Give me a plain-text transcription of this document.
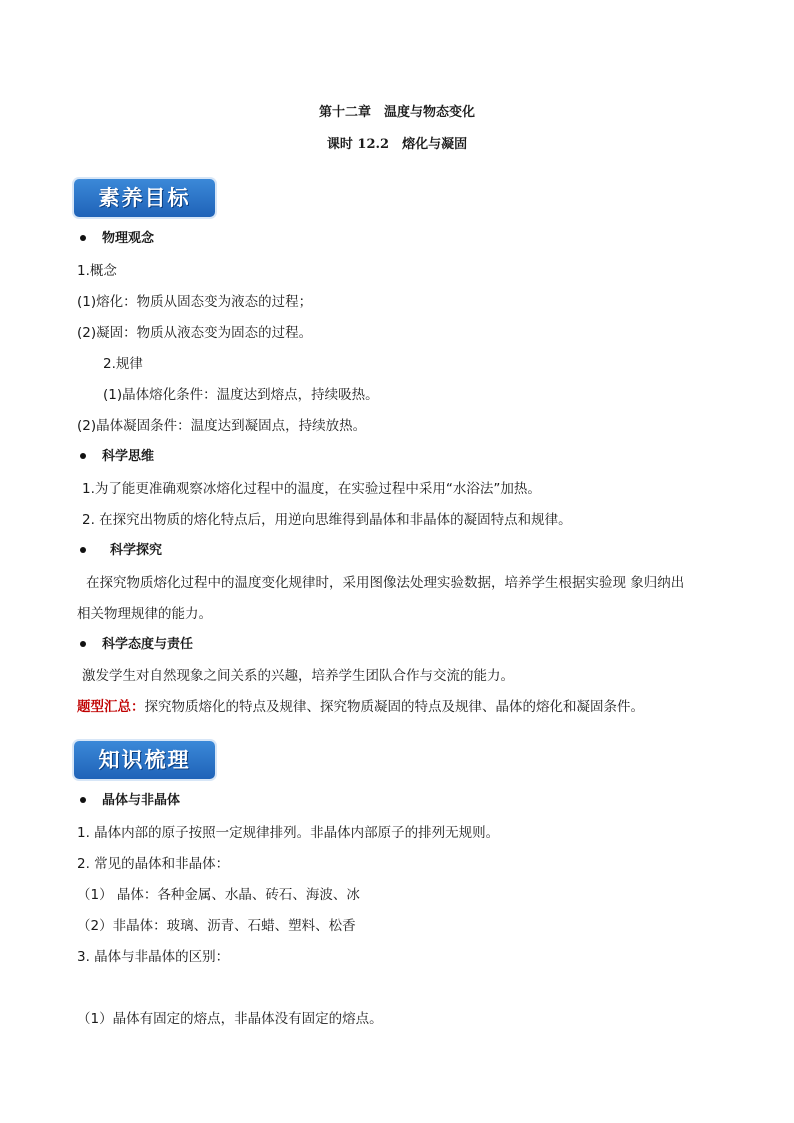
第十二章　温度与物态变化
课时 12.2　熔化与凝固
素养目标
物理观念
1.概念
(1)熔化：物质从固态变为液态的过程；
(2)凝固：物质从液态变为固态的过程。
2.规律
(1)晶体熔化条件：温度达到熔点，持续吸热。
(2)晶体凝固条件：温度达到凝固点，持续放热。
科学思维
1.为了能更准确观察冰熔化过程中的温度，在实验过程中采用“水浴法”加热。
2. 在探究出物质的熔化特点后，用逆向思维得到晶体和非晶体的凝固特点和规律。
科学探究
在探究物质熔化过程中的温度变化规律时，采用图像法处理实验数据，培养学生根据实验现 象归纳出
相关物理规律的能力。
科学态度与责任
激发学生对自然现象之间关系的兴趣，培养学生团队合作与交流的能力。
题型汇总：探究物质熔化的特点及规律、探究物质凝固的特点及规律、晶体的熔化和凝固条件。
知识梳理
晶体与非晶体
1. 晶体内部的原子按照一定规律排列。非晶体内部原子的排列无规则。
2. 常见的晶体和非晶体：
（1） 晶体：各种金属、水晶、砖石、海波、冰
（2）非晶体：玻璃、沥青、石蜡、塑料、松香
3. 晶体与非晶体的区别：
（1）晶体有固定的熔点，非晶体没有固定的熔点。
